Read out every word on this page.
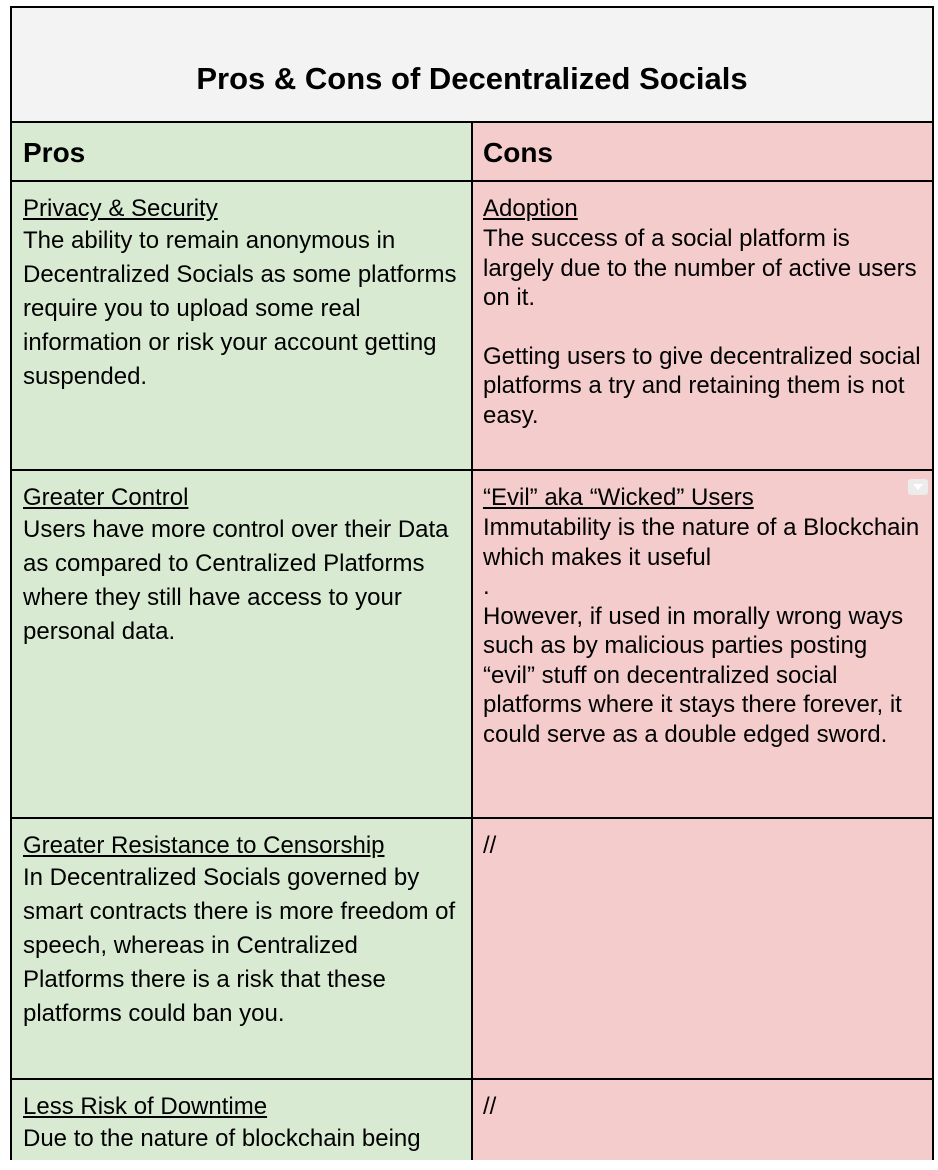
Pros & Cons of Decentralized Socials
Pros	Cons
Privacy & Security
The ability to remain anonymous in Decentralized Socials as some platforms require you to upload some real information or risk your account getting suspended.
Adoption

The success of a social platform is largely due to the number of active users on it.

Getting users to give decentralized social platforms a try and retaining them is not easy.

Greater Control
Users have more control over their Data as compared to Centralized Platforms where they still have access to your personal data.
“Evil” aka “Wicked” Users
Immutability is the nature of a Blockchain which makes it useful
.
However, if used in morally wrong ways such as by malicious parties posting “evil” stuff on decentralized social platforms where it stays there forever, it could serve as a double edged sword.
Greater Resistance to Censorship
In Decentralized Socials governed by smart contracts there is more freedom of speech, whereas in Centralized Platforms there is a risk that these platforms could ban you.
//
Less Risk of Downtime
Due to the nature of blockchain being
//
